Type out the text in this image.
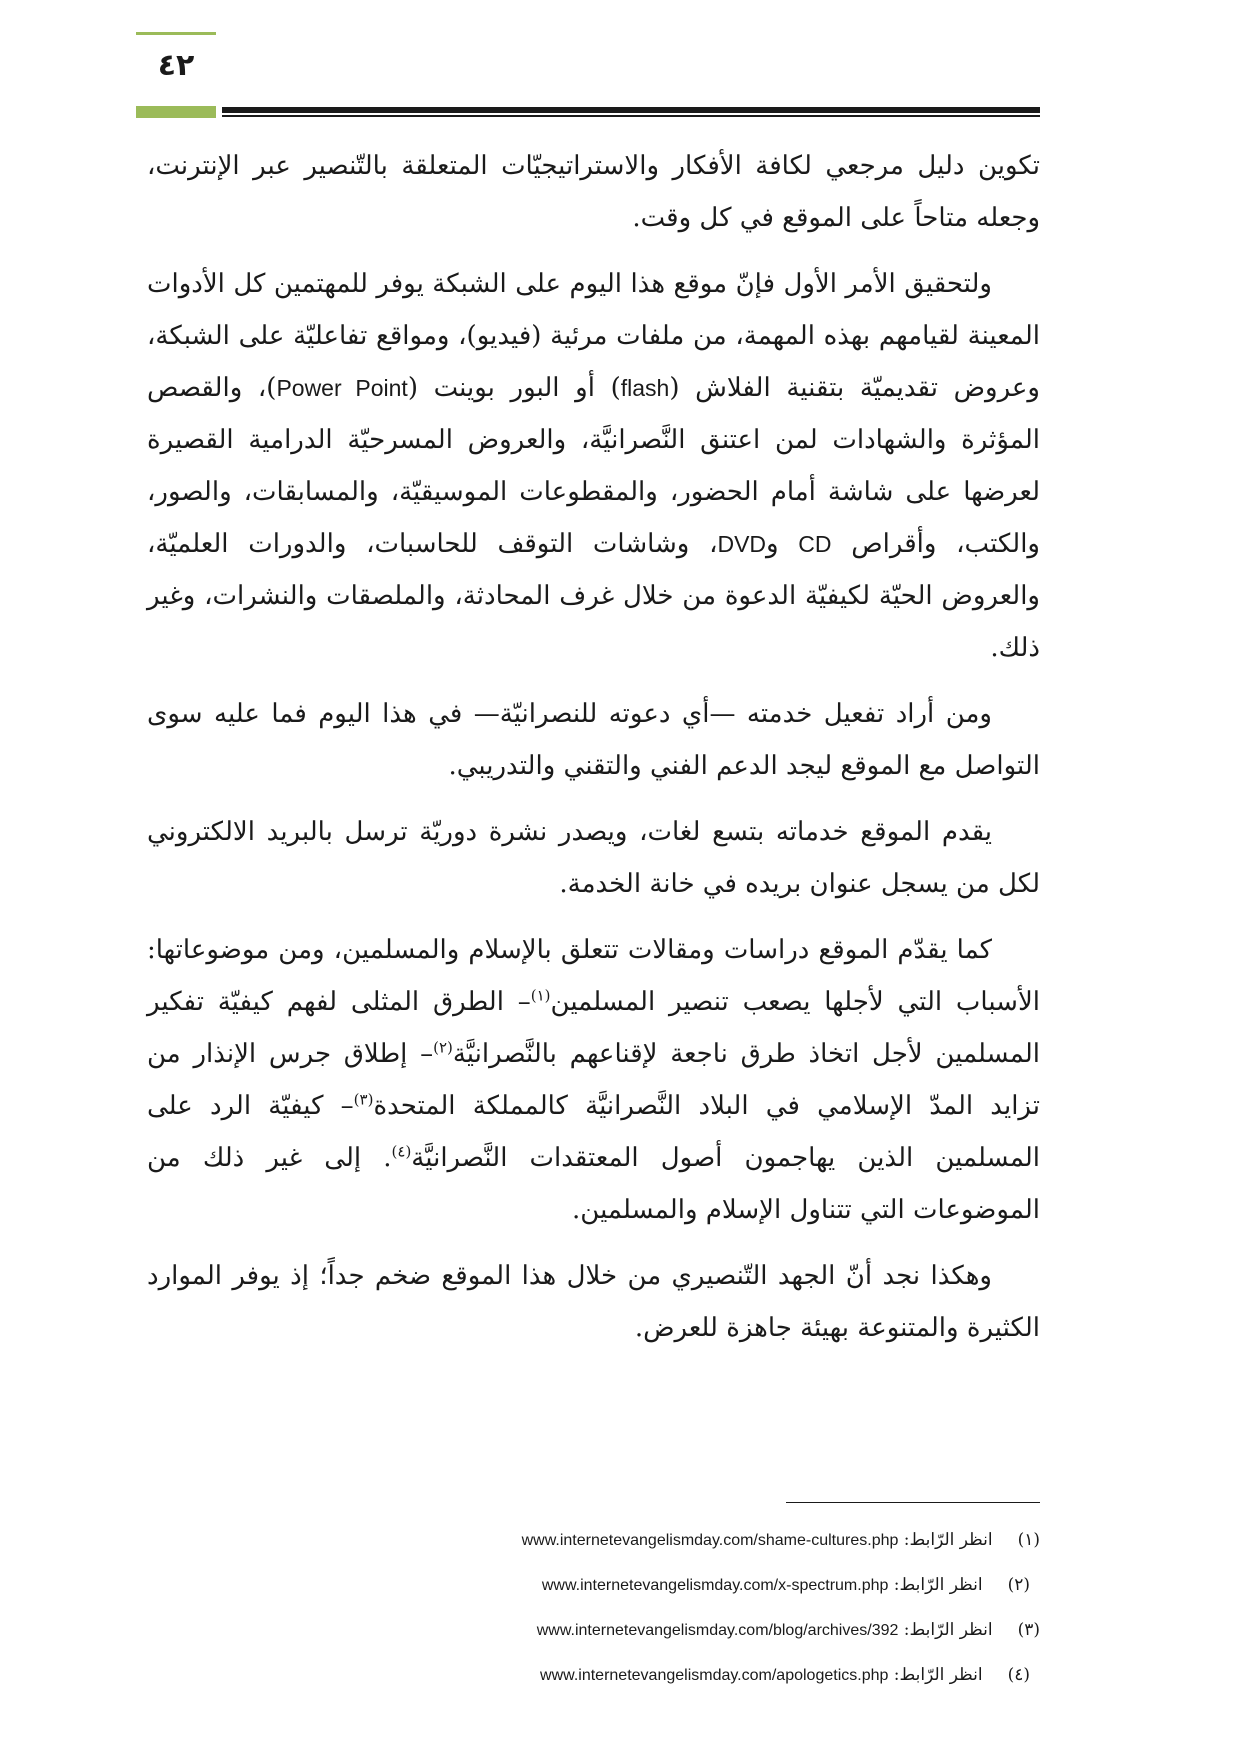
٤٢

تكوين دليل مرجعي لكافة الأفكار والاستراتيجيّات المتعلقة بالتّنصير عبر الإنترنت، وجعله متاحاً على الموقع في كل وقت.

ولتحقيق الأمر الأول فإنّ موقع هذا اليوم على الشبكة يوفر للمهتمين كل الأدوات المعينة لقيامهم بهذه المهمة، من ملفات مرئية (فيديو)، ومواقع تفاعليّة على الشبكة، وعروض تقديميّة بتقنية الفلاش (flash) أو البور بوينت (Power Point)، والقصص المؤثرة والشهادات لمن اعتنق النَّصرانيَّة، والعروض المسرحيّة الدرامية القصيرة لعرضها على شاشة أمام الحضور، والمقطوعات الموسيقيّة، والمسابقات، والصور، والكتب، وأقراص CD وDVD، وشاشات التوقف للحاسبات، والدورات العلميّة، والعروض الحيّة لكيفيّة الدعوة من خلال غرف المحادثة، والملصقات والنشرات، وغير ذلك.

ومن أراد تفعيل خدمته —أي دعوته للنصرانيّة— في هذا اليوم فما عليه سوى التواصل مع الموقع ليجد الدعم الفني والتقني والتدريبي.

يقدم الموقع خدماته بتسع لغات، ويصدر نشرة دوريّة ترسل بالبريد الالكتروني لكل من يسجل عنوان بريده في خانة الخدمة.

كما يقدّم الموقع دراسات ومقالات تتعلق بالإسلام والمسلمين، ومن موضوعاتها: الأسباب التي لأجلها يصعب تنصير المسلمين$^{(١)}$– الطرق المثلى لفهم كيفيّة تفكير المسلمين لأجل اتخاذ طرق ناجعة لإقناعهم بالنَّصرانيَّة$^{(٢)}$– إطلاق جرس الإنذار من تزايد المدّ الإسلامي في البلاد النَّصرانيَّة كالمملكة المتحدة$^{(٣)}$– كيفيّة الرد على المسلمين الذين يهاجمون أصول المعتقدات النَّصرانيَّة$^{(٤)}$. إلى غير ذلك من الموضوعات التي تتناول الإسلام والمسلمين.

وهكذا نجد أنّ الجهد التّنصيري من خلال هذا الموقع ضخم جداً؛ إذ يوفر الموارد الكثيرة والمتنوعة بهيئة جاهزة للعرض.

(١) انظر الرّابط: www.internetevangelismday.com/shame-cultures.php
(٢) انظر الرّابط: www.internetevangelismday.com/x-spectrum.php
(٣) انظر الرّابط: www.internetevangelismday.com/blog/archives/392
(٤) انظر الرّابط: www.internetevangelismday.com/apologetics.php
